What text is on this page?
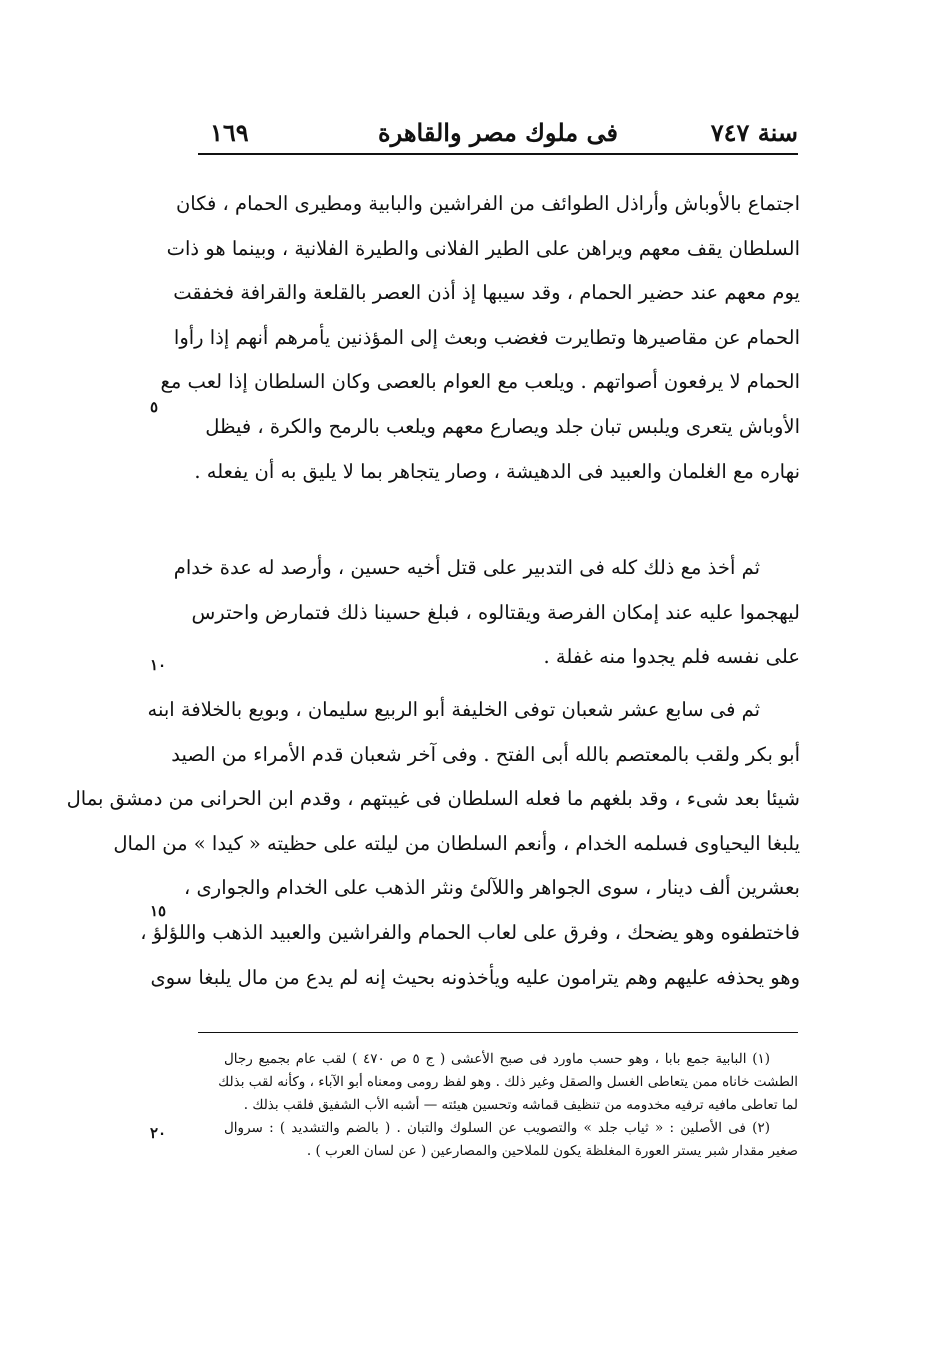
سنة ٧٤٧
فى ملوك مصر والقاهرة
١٦٩
اجتماع بالأوباش وأراذل الطوائف من الفراشين والبابية ومطيرى الحمام ، فكان
السلطان يقف معهم ويراهن على الطير الفلانى والطيرة الفلانية ، وبينما هو ذات
يوم معهم عند حضير الحمام ، وقد سيبها إذ أذن العصر بالقلعة والقرافة فخفقت
الحمام عن مقاصيرها وتطايرت فغضب وبعث إلى المؤذنين يأمرهم أنهم إذا رأوا
الحمام لا يرفعون أصواتهم . ويلعب مع العوام بالعصى وكان السلطان إذا لعب مع
الأوباش يتعرى ويلبس تبان جلد ويصارع معهم ويلعب بالرمح والكرة ، فيظل
نهاره مع الغلمان والعبيد فى الدهيشة ، وصار يتجاهر بما لا يليق به أن يفعله .
ثم أخذ مع ذلك كله فى التدبير على قتل أخيه حسين ، وأرصد له عدة خدام
ليهجموا عليه عند إمكان الفرصة ويقتالوه ، فبلغ حسينا ذلك فتمارض واحترس
على نفسه فلم يجدوا منه غفلة .
ثم فى سابع عشر شعبان توفى الخليفة أبو الربيع سليمان ، وبويع بالخلافة ابنه
أبو بكر ولقب بالمعتصم بالله أبى الفتح . وفى آخر شعبان قدم الأمراء من الصيد
شيئا بعد شىء ، وقد بلغهم ما فعله السلطان فى غيبتهم ، وقدم ابن الحرانى من دمشق بمال
يلبغا اليحياوى فسلمه الخدام ، وأنعم السلطان من ليلته على حظيته « كيدا » من المال
بعشرين ألف دينار ، سوى الجواهر واللآلئ ونثر الذهب على الخدام والجوارى ،
فاختطفوه وهو يضحك ، وفرق على لعاب الحمام والفراشين والعبيد الذهب واللؤلؤ ،
وهو يحذفه عليهم وهم يترامون عليه ويأخذونه بحيث إنه لم يدع من مال يلبغا سوى
٥
١٠
١٥
٢٠
(١) البابية جمع بابا ، وهو حسب ماورد فى صبح الأعشى ( ج ٥ ص ٤٧٠ ) لقب عام بجميع رجال
الطشت خاناه ممن يتعاطى الغسل والصقل وغير ذلك . وهو لفظ رومى ومعناه أبو الآباء ، وكأنه لقب بذلك
لما تعاطى مافيه ترفيه مخدومه من تنظيف قماشه وتحسين هيئته — أشبه الأب الشفيق فلقب بذلك .
(٢) فى الأصلين : « ثياب جلد » والتصويب عن السلوك والتبان . ( بالضم والتشديد ) : سروال
صغير مقدار شبر يستر العورة المغلظة يكون للملاحين والمصارعين ( عن لسان العرب ) .
